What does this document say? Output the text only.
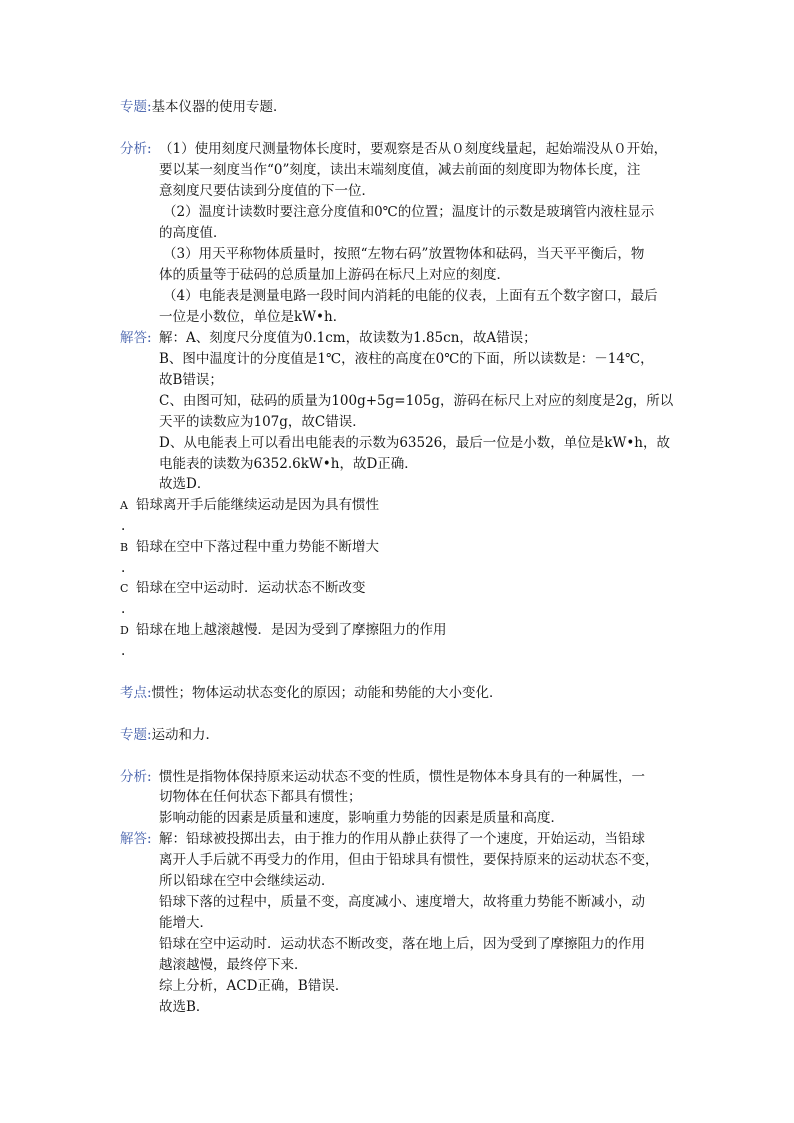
专题:基本仪器的使用专题．
分析: （1）使用刻度尺测量物体长度时，要观察是否从０刻度线量起，起始端没从０开始，
要以某一刻度当作“0”刻度，读出末端刻度值，减去前面的刻度即为物体长度，注
意刻度尺要估读到分度值的下一位．
（2）温度计读数时要注意分度值和0℃的位置；温度计的示数是玻璃管内液柱显示
的高度值．
（3）用天平称物体质量时，按照“左物右码”放置物体和砝码，当天平平衡后，物
体的质量等于砝码的总质量加上游码在标尺上对应的刻度．
（4）电能表是测量电路一段时间内消耗的电能的仪表，上面有五个数字窗口，最后
一位是小数位，单位是kW•h．
解答: 解：A、刻度尺分度值为0.1cm，故读数为1.85cn，故A错误；
B、图中温度计的分度值是1℃，液柱的高度在0℃的下面，所以读数是：－14℃，
故B错误；
C、由图可知，砝码的质量为100g+5g=105g，游码在标尺上对应的刻度是2g，所以
天平的读数应为107g，故C错误．
D、从电能表上可以看出电能表的示数为63526，最后一位是小数，单位是kW•h，故
电能表的读数为6352.6kW•h，故D正确．
故选D．
A 铅球离开手后能继续运动是因为具有惯性
.
B 铅球在空中下落过程中重力势能不断增大
.
C 铅球在空中运动时．运动状态不断改变
.
D 铅球在地上越滚越慢．是因为受到了摩擦阻力的作用
.
考点:惯性；物体运动状态变化的原因；动能和势能的大小变化．
专题:运动和力．
分析: 惯性是指物体保持原来运动状态不变的性质，惯性是物体本身具有的一种属性，一
切物体在任何状态下都具有惯性；
影响动能的因素是质量和速度，影响重力势能的因素是质量和高度．
解答: 解：铅球被投掷出去，由于推力的作用从静止获得了一个速度，开始运动，当铅球
离开人手后就不再受力的作用，但由于铅球具有惯性，要保持原来的运动状态不变，
所以铅球在空中会继续运动．
铅球下落的过程中，质量不变，高度减小、速度增大，故将重力势能不断减小，动
能增大．
铅球在空中运动时．运动状态不断改变，落在地上后，因为受到了摩擦阻力的作用
越滚越慢，最终停下来．
综上分析，ACD正确，B错误．
故选B．
